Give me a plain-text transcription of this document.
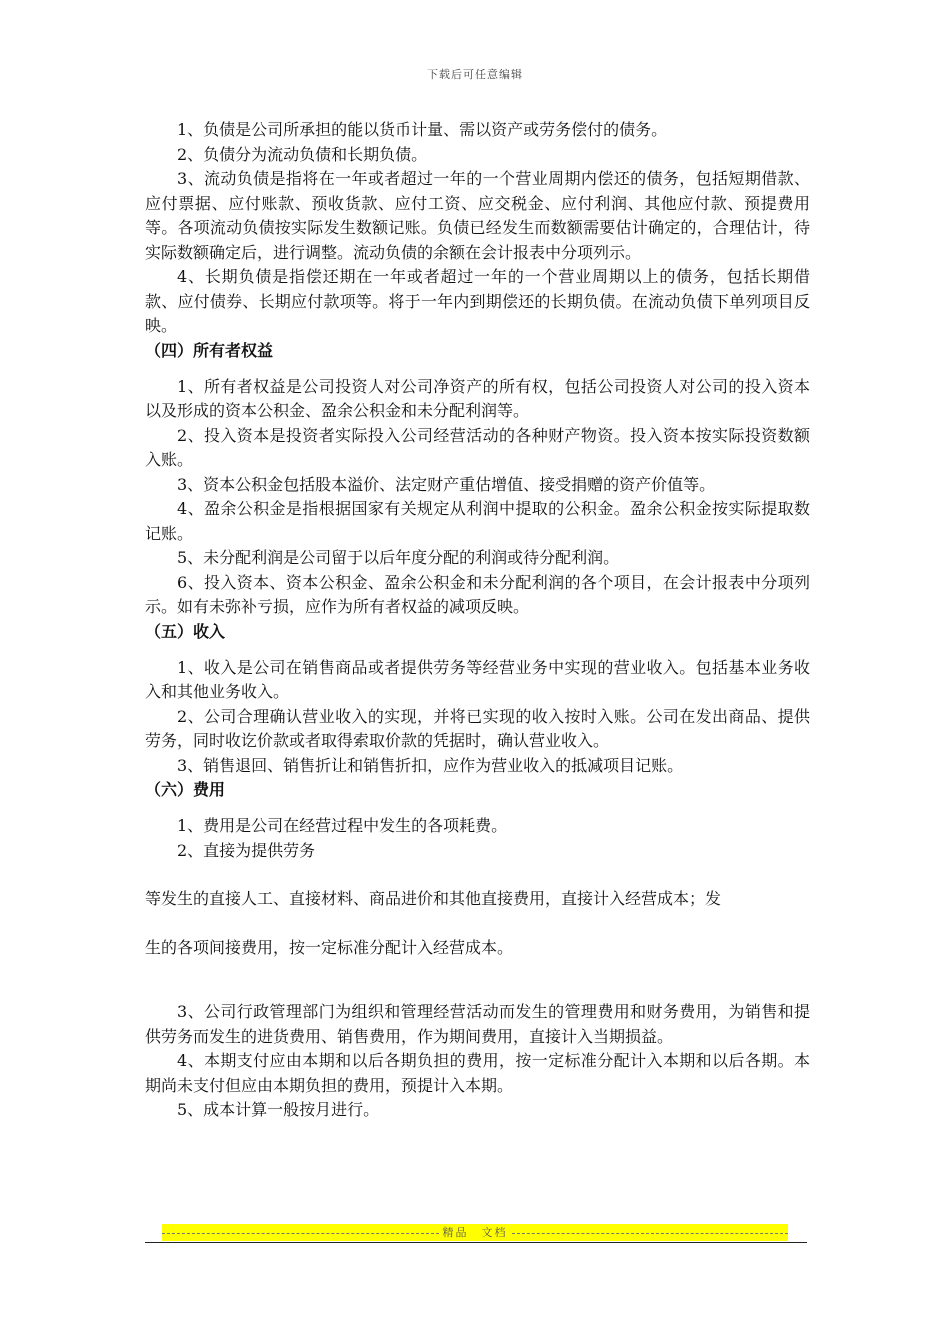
下载后可任意编辑

1、负债是公司所承担的能以货币计量、需以资产或劳务偿付的债务。

2、负债分为流动负债和长期负债。

3、流动负债是指将在一年或者超过一年的一个营业周期内偿还的债务，包括短期借款、应付票据、应付账款、预收货款、应付工资、应交税金、应付利润、其他应付款、预提费用等。各项流动负债按实际发生数额记账。负债已经发生而数额需要估计确定的，合理估计，待实际数额确定后，进行调整。流动负债的余额在会计报表中分项列示。

4、长期负债是指偿还期在一年或者超过一年的一个营业周期以上的债务，包括长期借款、应付债券、长期应付款项等。将于一年内到期偿还的长期负债。在流动负债下单列项目反映。

（四）所有者权益

1、所有者权益是公司投资人对公司净资产的所有权，包括公司投资人对公司的投入资本以及形成的资本公积金、盈余公积金和未分配利润等。

2、投入资本是投资者实际投入公司经营活动的各种财产物资。投入资本按实际投资数额入账。

3、资本公积金包括股本溢价、法定财产重估增值、接受捐赠的资产价值等。

4、盈余公积金是指根据国家有关规定从利润中提取的公积金。盈余公积金按实际提取数记账。

5、未分配利润是公司留于以后年度分配的利润或待分配利润。

6、投入资本、资本公积金、盈余公积金和未分配利润的各个项目，在会计报表中分项列示。如有未弥补亏损，应作为所有者权益的减项反映。

（五）收入

1、收入是公司在销售商品或者提供劳务等经营业务中实现的营业收入。包括基本业务收入和其他业务收入。

2、公司合理确认营业收入的实现，并将已实现的收入按时入账。公司在发出商品、提供劳务，同时收讫价款或者取得索取价款的凭据时，确认营业收入。

3、销售退回、销售折让和销售折扣，应作为营业收入的抵减项目记账。

（六）费用

1、费用是公司在经营过程中发生的各项耗费。

2、直接为提供劳务

等发生的直接人工、直接材料、商品进价和其他直接费用，直接计入经营成本；发

生的各项间接费用，按一定标准分配计入经营成本。

3、公司行政管理部门为组织和管理经营活动而发生的管理费用和财务费用，为销售和提供劳务而发生的进货费用、销售费用，作为期间费用，直接计入当期损益。

4、本期支付应由本期和以后各期负担的费用，按一定标准分配计入本期和以后各期。本期尚未支付但应由本期负担的费用，预提计入本期。

5、成本计算一般按月进行。

精品　文档
